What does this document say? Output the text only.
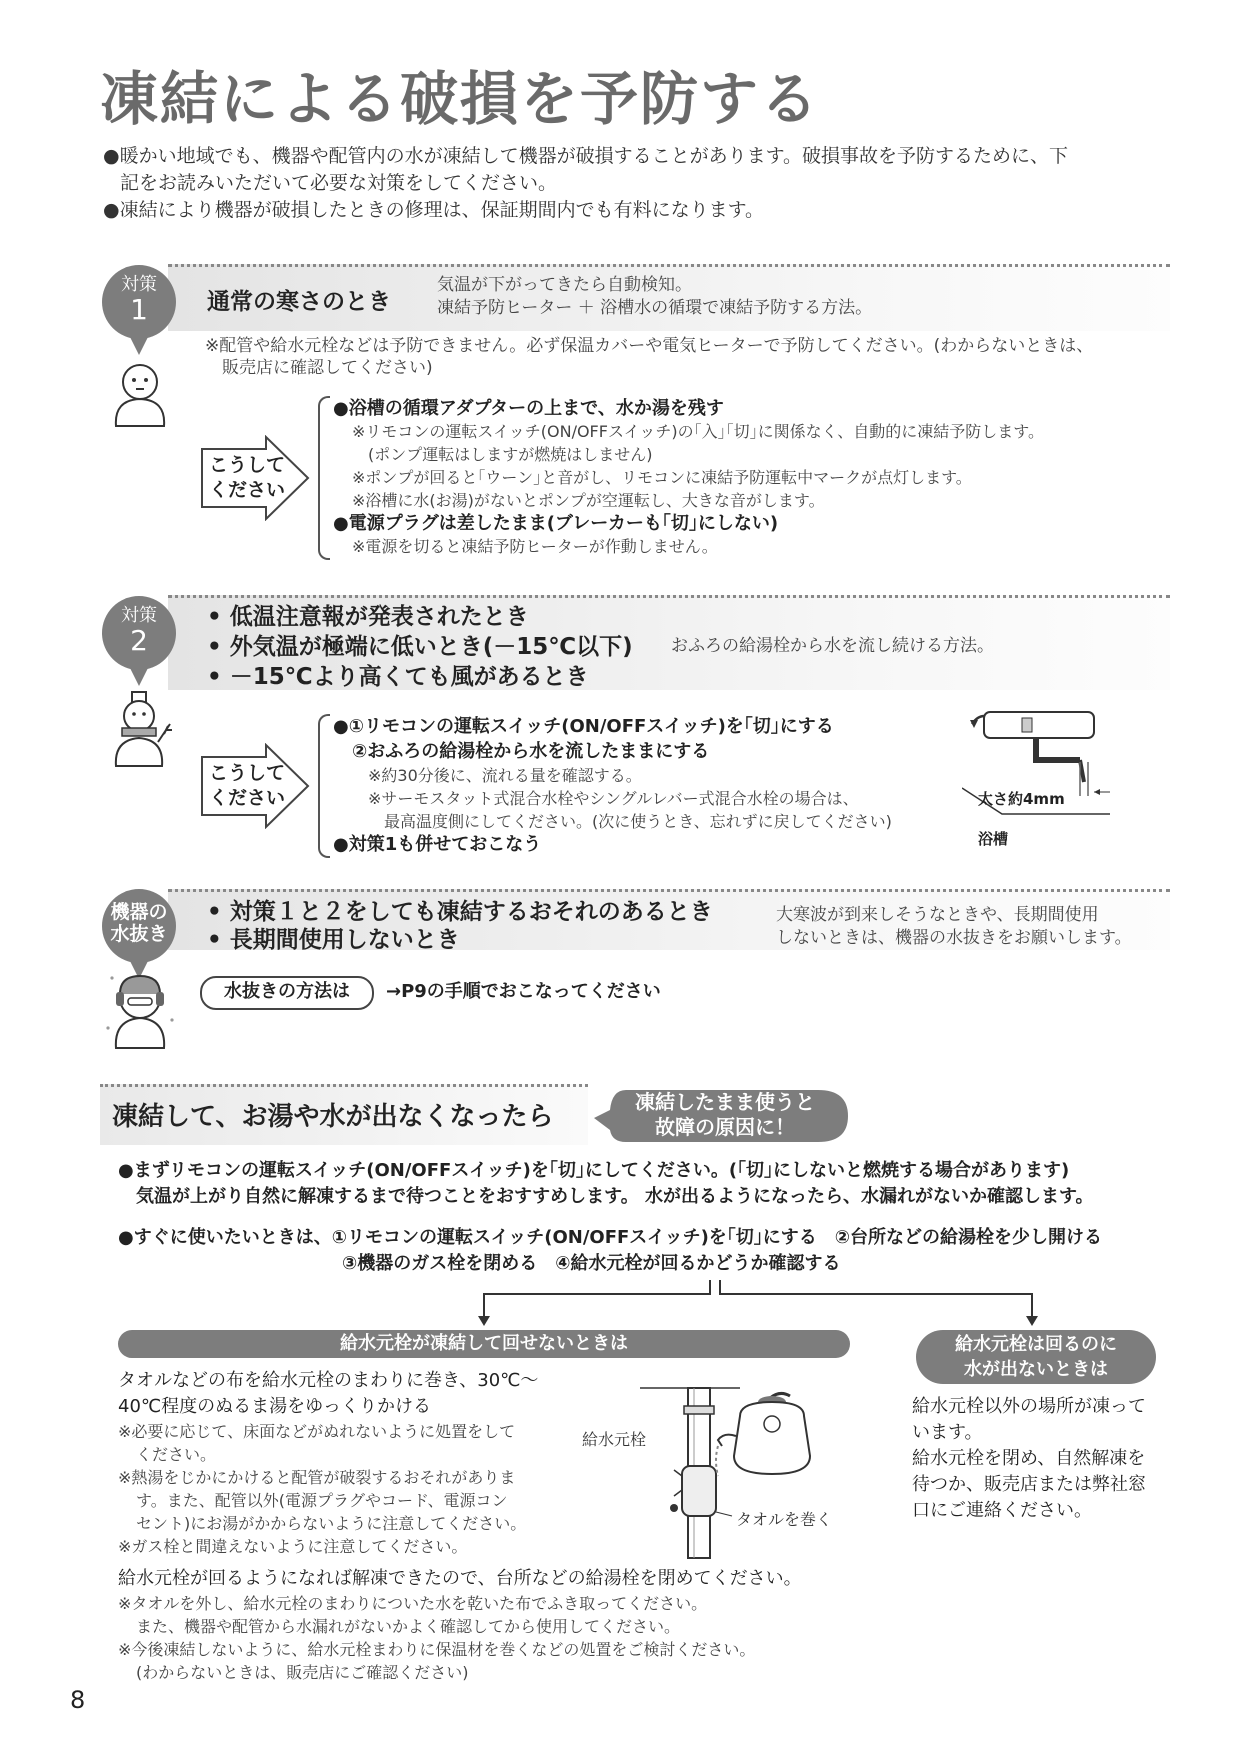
凍結による破損を予防する
●暖かい地域でも、機器や配管内の水が凍結して機器が破損することがあります。破損事故を予防するために、下
記をお読みいただいて必要な対策をしてください。
●凍結により機器が破損したときの修理は、保証期間内でも有料になります。
対策
1	通常の寒さのとき
気温が下がってきたら自動検知。
凍結予防ヒーター ＋ 浴槽水の循環で凍結予防する方法。
※配管や給水元栓などは予防できません。必ず保温カバーや電気ヒーターで予防してください。(わからないときは、
販売店に確認してください)
こうして
ください
●浴槽の循環アダプターの上まで、水か湯を残す
※リモコンの運転スイッチ(ON/OFFスイッチ)の｢入｣｢切｣に関係なく、自動的に凍結予防します。
(ポンプ運転はしますが燃焼はしません)
※ポンプが回ると｢ウーン｣と音がし、リモコンに凍結予防運転中マークが点灯します。
※浴槽に水(お湯)がないとポンプが空運転し、大きな音がします。
●電源プラグは差したまま(ブレーカーも｢切｣にしない)
※電源を切ると凍結予防ヒーターが作動しません。
対策
2
• 低温注意報が発表されたとき
• 外気温が極端に低いとき(－15℃以下)
• －15℃より高くても風があるとき
おふろの給湯栓から水を流し続ける方法。
こうして
ください
●①リモコンの運転スイッチ(ON/OFFスイッチ)を｢切｣にする
②おふろの給湯栓から水を流したままにする
※約30分後に、流れる量を確認する。
※サーモスタット式混合水栓やシングルレバー式混合水栓の場合は、
最高温度側にしてください。(次に使うとき、忘れずに戻してください)
●対策1も併せておこなう
太さ約4mm
浴槽
機器の
水抜き
• 対策１と２をしても凍結するおそれのあるとき
• 長期間使用しないとき
大寒波が到来しそうなときや、長期間使用
しないときは、機器の水抜きをお願いします。
水抜きの方法は →P9の手順でおこなってください
凍結して、お湯や水が出なくなったら	凍結したまま使うと
故障の原因に！
●まずリモコンの運転スイッチ(ON/OFFスイッチ)を｢切｣にしてください。(｢切｣にしないと燃焼する場合があります)
気温が上がり自然に解凍するまで待つことをおすすめします。 水が出るようになったら、水漏れがないか確認します。
●すぐに使いたいときは、①リモコンの運転スイッチ(ON/OFFスイッチ)を｢切｣にする　②台所などの給湯栓を少し開ける
③機器のガス栓を閉める　④給水元栓が回るかどうか確認する
給水元栓が凍結して回せないときは
タオルなどの布を給水元栓のまわりに巻き、30℃～
40℃程度のぬるま湯をゆっくりかける
※必要に応じて、床面などがぬれないように処置をして
ください。
※熱湯をじかにかけると配管が破裂するおそれがありま
す。また、配管以外(電源プラグやコード、電源コン
セント)にお湯がかからないように注意してください。
※ガス栓と間違えないように注意してください。
給水元栓
タオルを巻く
給水元栓が回るようになれば解凍できたので、台所などの給湯栓を閉めてください。
※タオルを外し、給水元栓のまわりについた水を乾いた布でふき取ってください。
また、機器や配管から水漏れがないかよく確認してから使用してください。
※今後凍結しないように、給水元栓まわりに保温材を巻くなどの処置をご検討ください。
(わからないときは、販売店にご確認ください)
給水元栓は回るのに
水が出ないときは
給水元栓以外の場所が凍って
います。
給水元栓を閉め、自然解凍を
待つか、販売店または弊社窓
口にご連絡ください。
8
